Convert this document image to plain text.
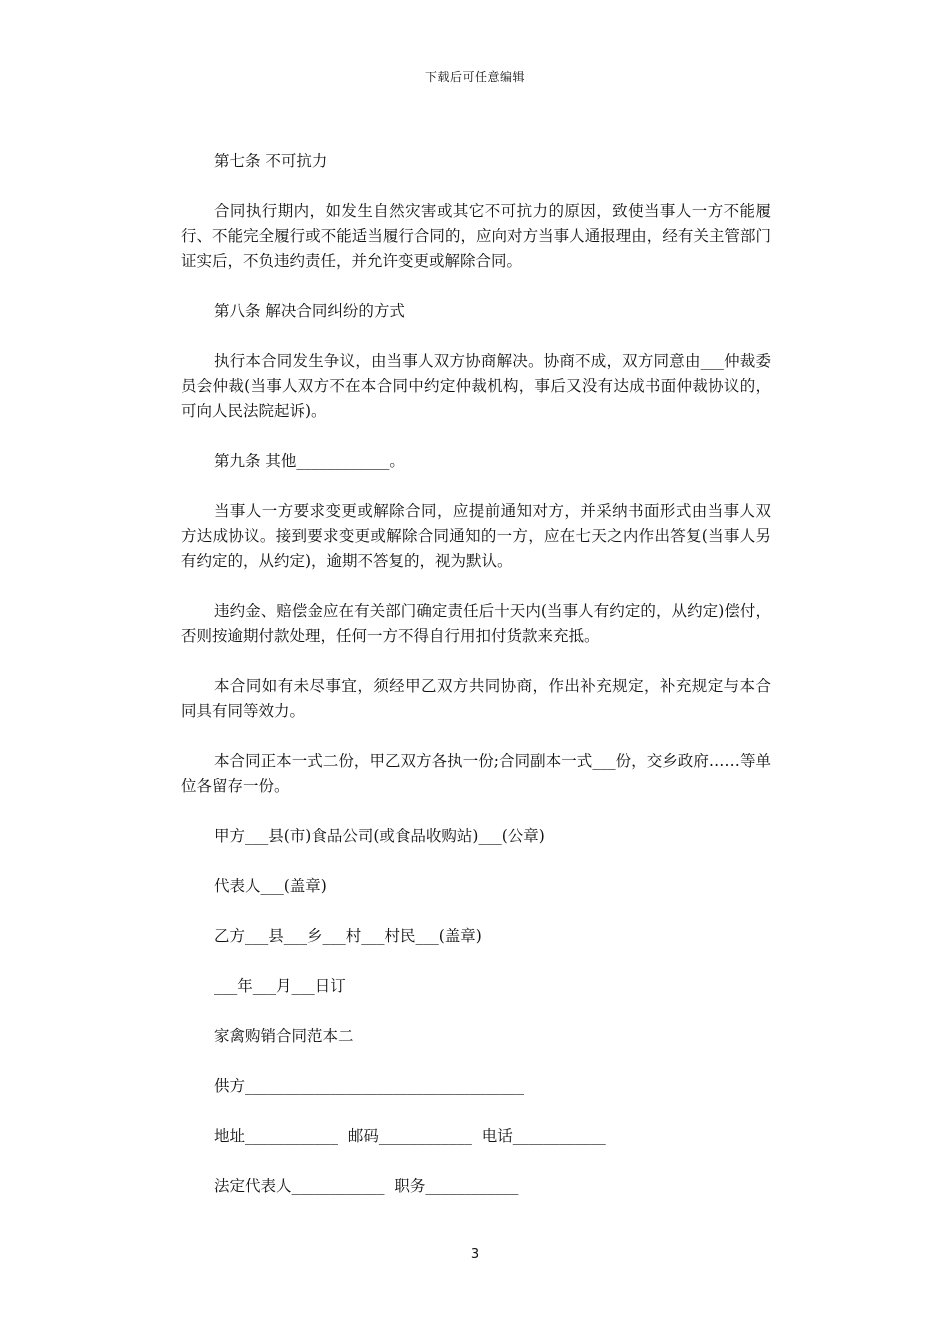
下载后可任意编辑

第七条 不可抗力

合同执行期内，如发生自然灾害或其它不可抗力的原因，致使当事人一方不能履行、不能完全履行或不能适当履行合同的，应向对方当事人通报理由，经有关主管部门证实后，不负违约责任，并允许变更或解除合同。

第八条 解决合同纠纷的方式

执行本合同发生争议，由当事人双方协商解决。协商不成，双方同意由___仲裁委员会仲裁(当事人双方不在本合同中约定仲裁机构，事后又没有达成书面仲裁协议的，可向人民法院起诉)。

第九条 其他____________。

当事人一方要求变更或解除合同，应提前通知对方，并采纳书面形式由当事人双方达成协议。接到要求变更或解除合同通知的一方，应在七天之内作出答复(当事人另有约定的，从约定)，逾期不答复的，视为默认。

违约金、赔偿金应在有关部门确定责任后十天内(当事人有约定的，从约定)偿付，否则按逾期付款处理，任何一方不得自行用扣付货款来充抵。

本合同如有未尽事宜，须经甲乙双方共同协商，作出补充规定，补充规定与本合同具有同等效力。

本合同正本一式二份，甲乙双方各执一份;合同副本一式___份，交乡政府……等单位各留存一份。

甲方___县(市)食品公司(或食品收购站)___(公章)

代表人___(盖章)

乙方___县___乡___村___村民___(盖章)

___年___月___日订

家禽购销合同范本二

供方____________________________________

地址____________  邮码____________  电话____________

法定代表人____________  职务____________

3
